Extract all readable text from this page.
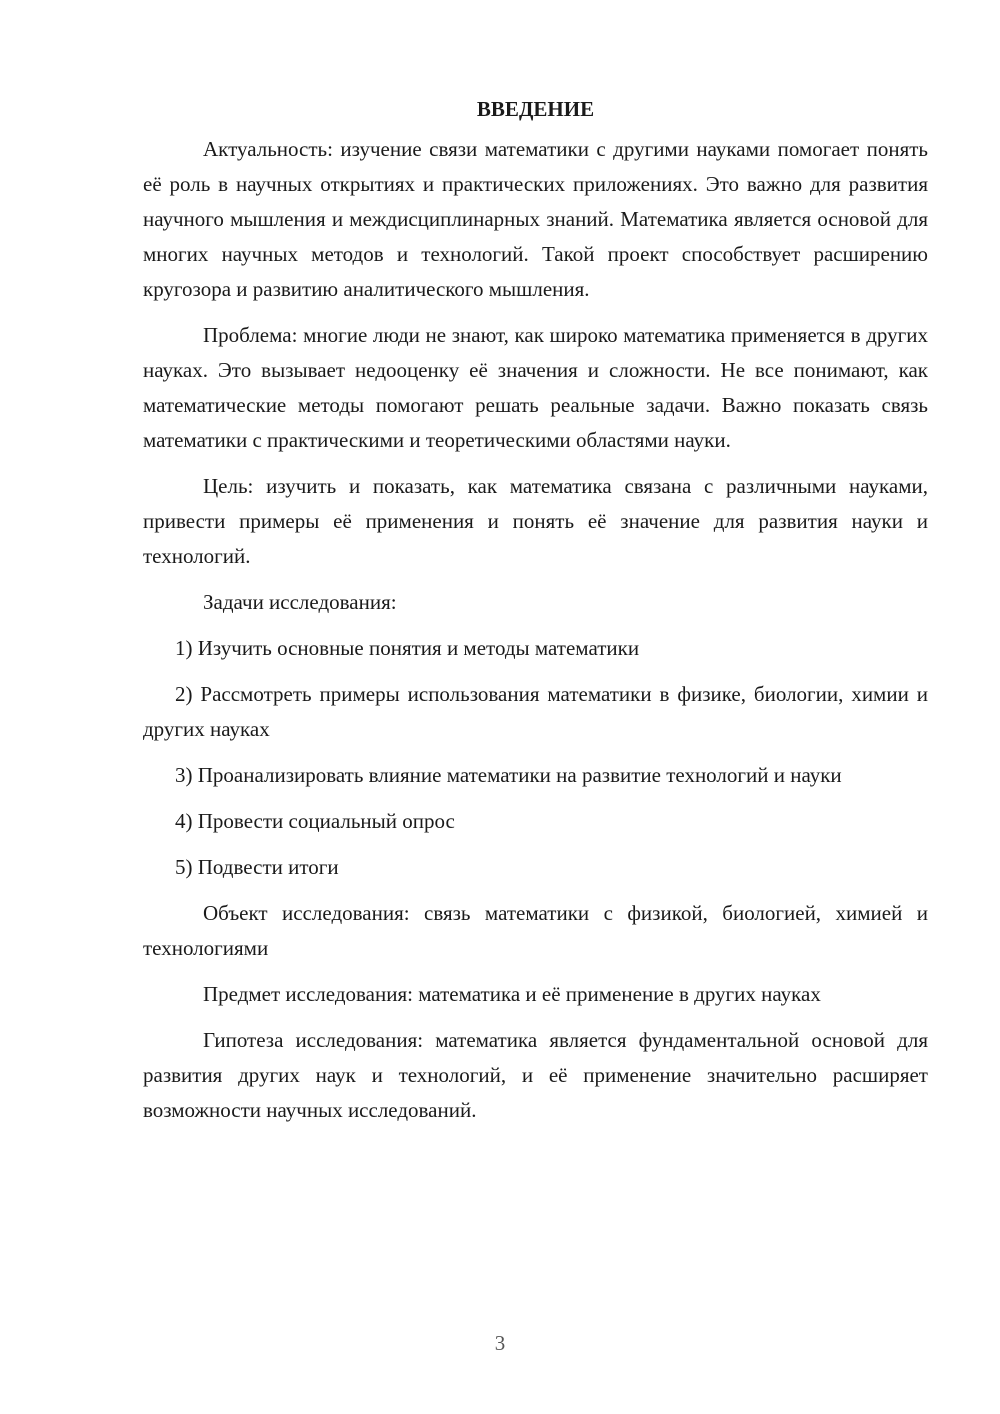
ВВЕДЕНИЕ

Актуальность: изучение связи математики с другими науками помогает понять её роль в научных открытиях и практических приложениях. Это важно для развития научного мышления и междисциплинарных знаний. Математика является основой для многих научных методов и технологий. Такой проект способствует расширению кругозора и развитию аналитического мышления.

Проблема: многие люди не знают, как широко математика применяется в других науках. Это вызывает недооценку её значения и сложности. Не все понимают, как математические методы помогают решать реальные задачи. Важно показать связь математики с практическими и теоретическими областями науки.

Цель: изучить и показать, как математика связана с различными науками, привести примеры её применения и понять её значение для развития науки и технологий.

Задачи исследования:

1) Изучить основные понятия и методы математики

2) Рассмотреть примеры использования математики в физике, биологии, химии и других науках

3) Проанализировать влияние математики на развитие технологий и науки

4) Провести социальный опрос

5) Подвести итоги

Объект исследования: связь математики с физикой, биологией, химией и технологиями

Предмет исследования: математика и её применение в других науках

Гипотеза исследования: математика является фундаментальной основой для развития других наук и технологий, и её применение значительно расширяет возможности научных исследований.

3
